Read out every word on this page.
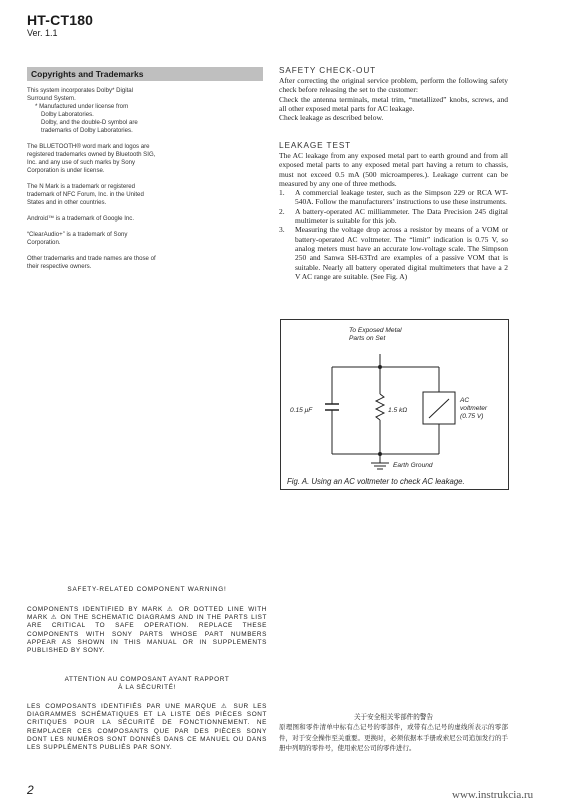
HT-CT180
Ver. 1.1
Copyrights and Trademarks

This system incorporates Dolby* Digital

Surround System.

* Manufactured under license from

Dolby Laboratories.

Dolby, and the double-D symbol are

trademarks of Dolby Laboratories.

The BLUETOOTH® word mark and logos are registered trademarks owned by Bluetooth SIG, Inc. and any use of such marks by Sony Corporation is under license.

The N Mark is a trademark or registered trademark of NFC Forum, Inc. in the United States and in other countries.

Android™ is a trademark of Google Inc.

“ClearAudio+” is a trademark of Sony Corporation.

Other trademarks and trade names are those of their respective owners.

SAFETY CHECK-OUT

After correcting the original service problem, perform the following safety check before releasing the set to the customer:

Check the antenna terminals, metal trim, “metallized” knobs, screws, and all other exposed metal parts for AC leakage.

Check leakage as described below.

LEAKAGE TEST

The AC leakage from any exposed metal part to earth ground and from all exposed metal parts to any exposed metal part having a return to chassis, must not exceed 0.5 mA (500 microamperes.). Leakage current can be measured by any one of three methods.

1. A commercial leakage tester, such as the Simpson 229 or RCA WT-540A. Follow the manufacturers’ instructions to use these instruments.
2. A battery-operated AC milliammeter. The Data Precision 245 digital multimeter is suitable for this job.
3. Measuring the voltage drop across a resistor by means of a VOM or battery-operated AC voltmeter. The “limit” indication is 0.75 V, so analog meters must have an accurate low-voltage scale. The Simpson 250 and Sanwa SH-63Trd are examples of a passive VOM that is suitable. Nearly all battery operated digital multimeters that have a 2 V AC range are suitable. (See Fig. A)
To Exposed Metal
Parts on Set
0.15 μF	1.5 kΩ
AC
voltmeter
(0.75 V)
Earth Ground
Fig. A. Using an AC voltmeter to check AC leakage.
SAFETY-RELATED COMPONENT WARNING!
COMPONENTS IDENTIFIED BY MARK ⚠ OR DOTTED LINE WITH MARK ⚠ ON THE SCHEMATIC DIAGRAMS AND IN THE PARTS LIST ARE CRITICAL TO SAFE OPERATION. REPLACE THESE COMPONENTS WITH SONY PARTS WHOSE PART NUMBERS APPEAR AS SHOWN IN THIS MANUAL OR IN SUPPLEMENTS PUBLISHED BY SONY.
ATTENTION AU COMPOSANT AYANT RAPPORT
À LA SÉCURITÉ!
LES COMPOSANTS IDENTIFIÉS PAR UNE MARQUE ⚠ SUR LES DIAGRAMMES SCHÉMATIQUES ET LA LISTE DES PIÈCES SONT CRITIQUES POUR LA SÉCURITÉ DE FONCTIONNEMENT. NE REMPLACER CES COMPOSANTS QUE PAR DES PIÈCES SONY DONT LES NUMÉROS SONT DONNÉS DANS CE MANUEL OU DANS LES SUPPLÉMENTS PUBLIÉS PAR SONY.
关于安全相关零部件的警告
原理图和零件清单中标有⚠记号的零部件，或带有⚠记号的虚线所表示的零部件，对于安全操作至关重要。更换时，必须依据本手册或索尼公司追加发行的手册中列明的零件号，使用索尼公司的零件进行。
2	www.instrukcia.ru
